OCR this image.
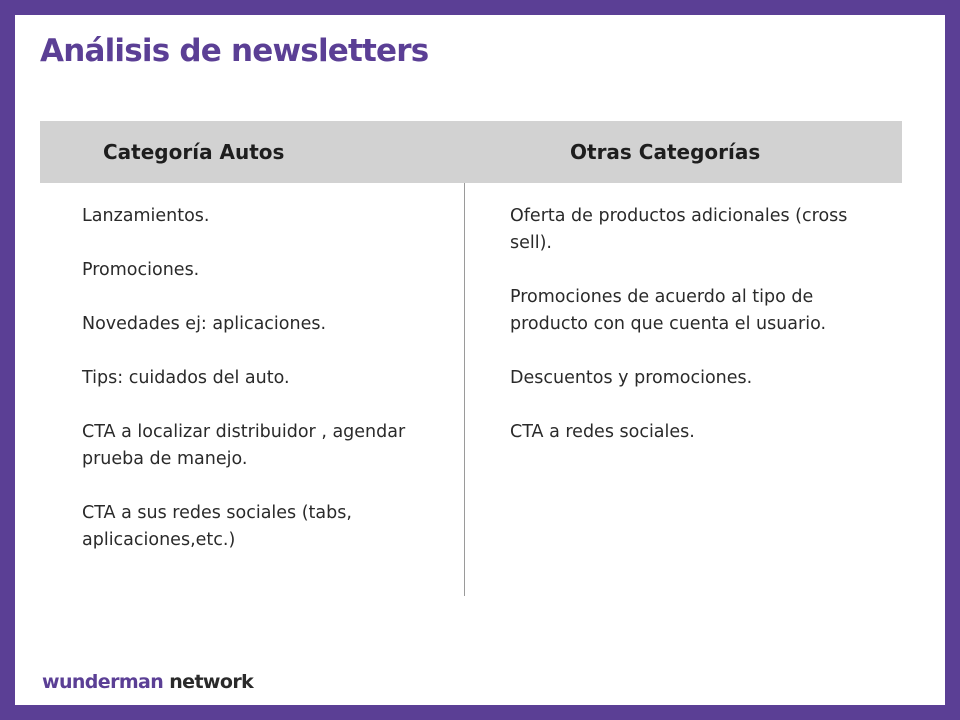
Análisis de newsletters
Categoría Autos	Otras Categorías
Lanzamientos.
Promociones.
Novedades ej: aplicaciones.
Tips: cuidados del auto.
CTA a localizar distribuidor , agendar prueba de manejo.
CTA a sus redes sociales (tabs, aplicaciones,etc.)
Oferta de productos adicionales (cross sell).
Promociones de acuerdo al tipo de producto con que cuenta el usuario.
Descuentos y promociones.
CTA a redes sociales.
wunderman network
